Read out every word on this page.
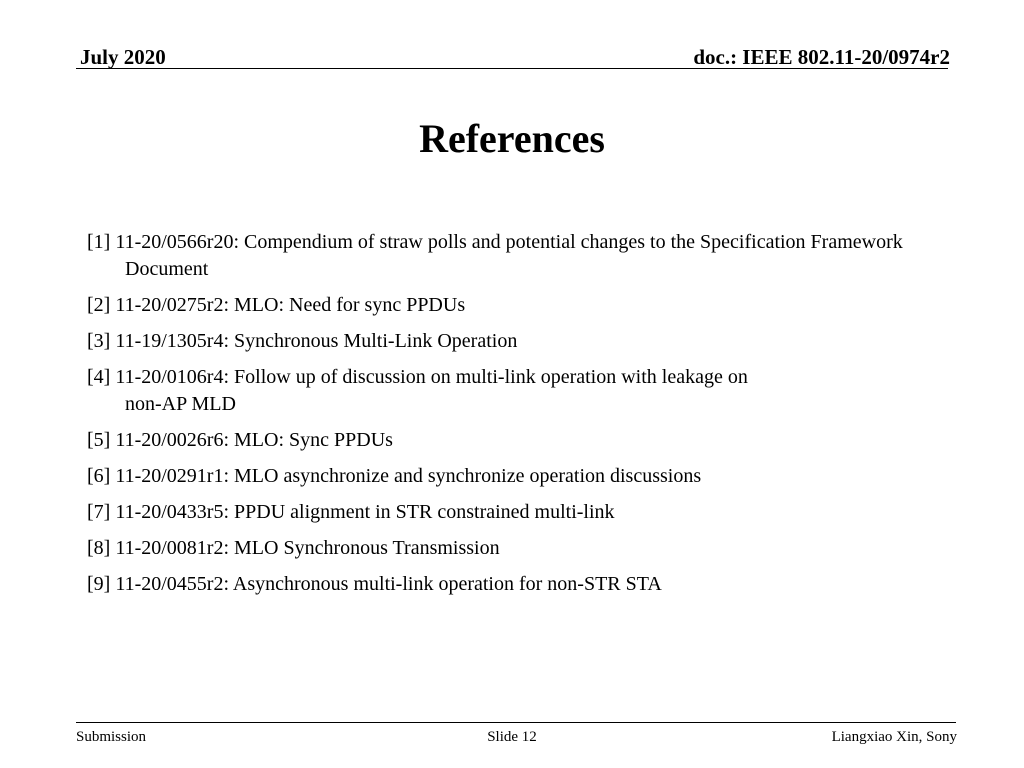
July 2020	doc.: IEEE 802.11-20/0974r2
References
[1] 11-20/0566r20: Compendium of straw polls and potential changes to the Specification Framework Document
[2] 11-20/0275r2: MLO: Need for sync PPDUs
[3] 11-19/1305r4: Synchronous Multi-Link Operation
[4] 11-20/0106r4: Follow up of discussion on multi-link operation with leakage on non-AP MLD
[5] 11-20/0026r6: MLO: Sync PPDUs
[6] 11-20/0291r1: MLO asynchronize and synchronize operation discussions
[7] 11-20/0433r5: PPDU alignment in STR constrained multi-link
[8] 11-20/0081r2: MLO Synchronous Transmission
[9] 11-20/0455r2: Asynchronous multi-link operation for non-STR STA
Submission	Slide 12	Liangxiao Xin, Sony
